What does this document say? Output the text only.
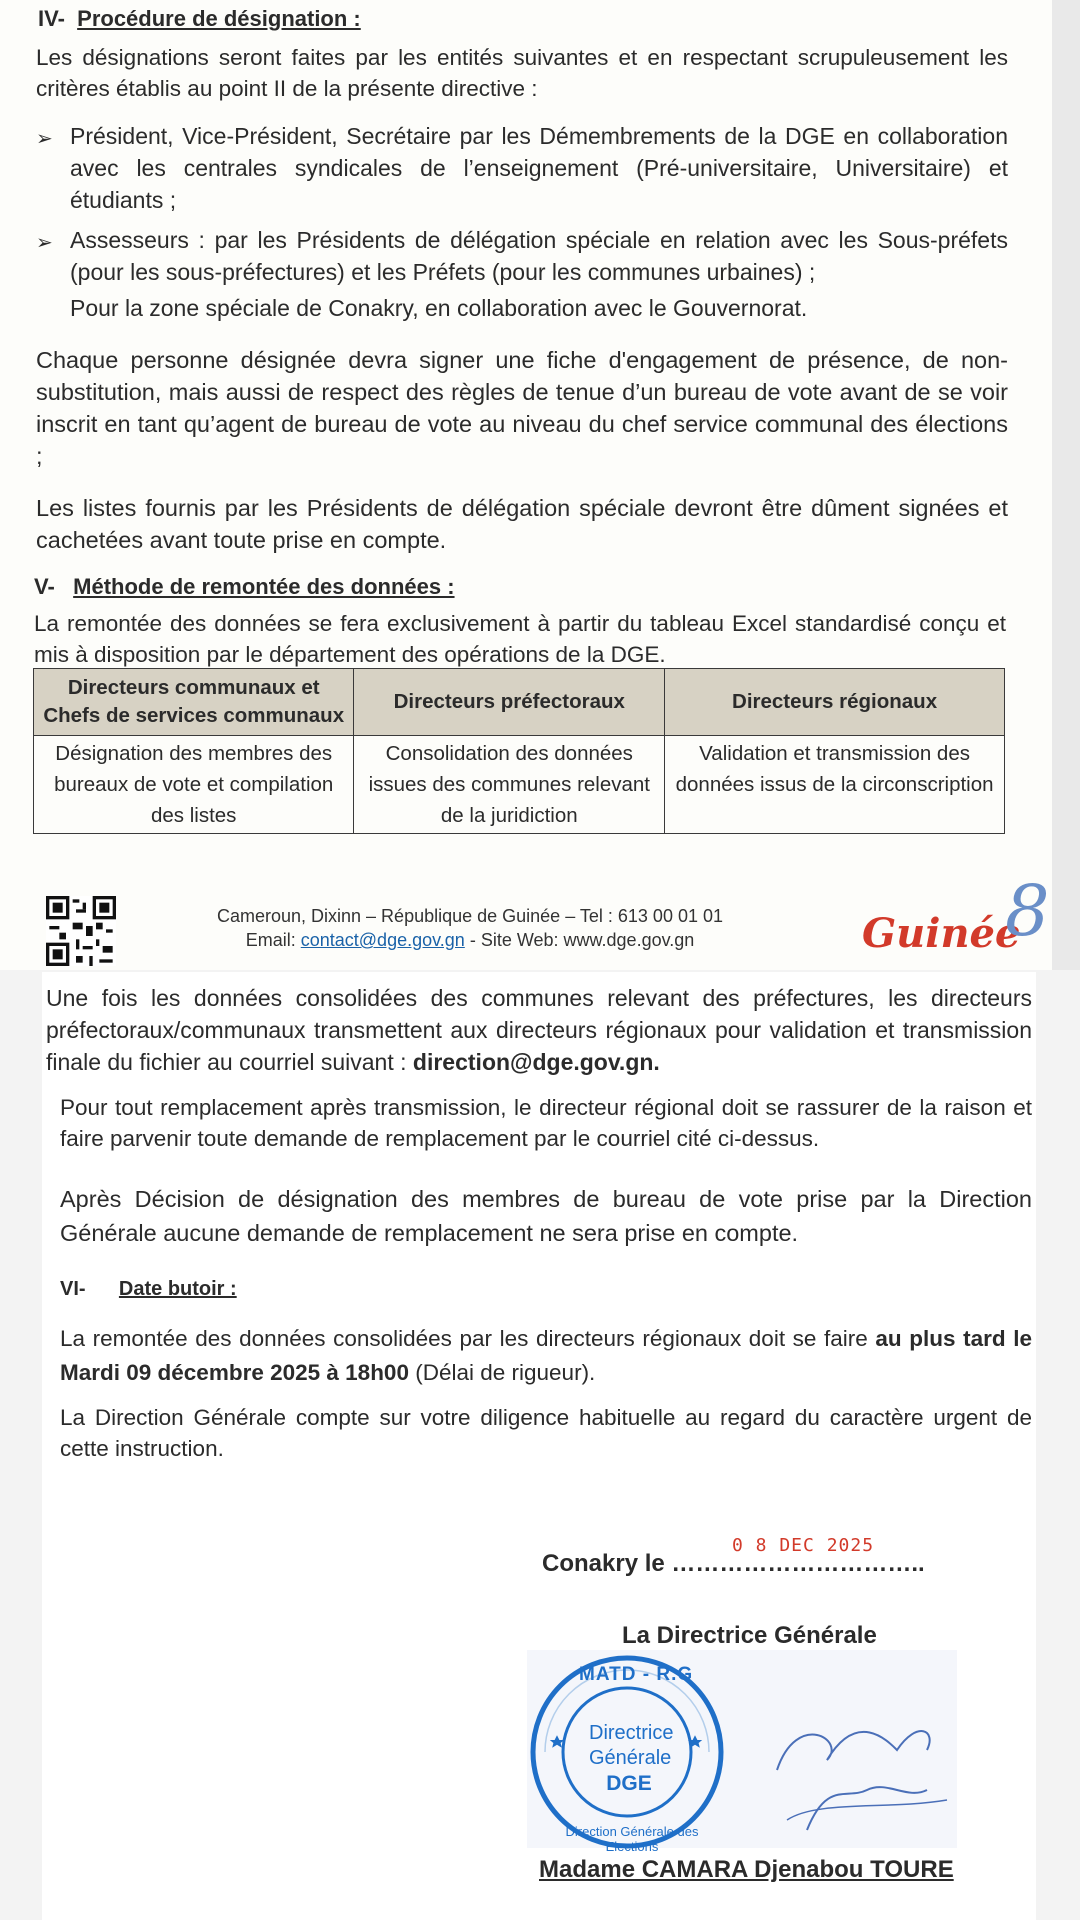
IV- Procédure de désignation :

Les désignations seront faites par les entités suivantes et en respectant scrupuleusement les critères établis au point II de la présente directive :

➢ Président, Vice-Président, Secrétaire par les Démembrements de la DGE en collaboration avec les centrales syndicales de l’enseignement (Pré-universitaire, Universitaire) et étudiants ;

➢ Assesseurs : par les Présidents de délégation spéciale en relation avec les Sous-préfets (pour les sous-préfectures) et les Préfets (pour les communes urbaines) ;

Pour la zone spéciale de Conakry, en collaboration avec le Gouvernorat.

Chaque personne désignée devra signer une fiche d'engagement de présence, de non-substitution, mais aussi de respect des règles de tenue d’un bureau de vote avant de se voir inscrit en tant qu’agent de bureau de vote au niveau du chef service communal des élections ;

Les listes fournis par les Présidents de délégation spéciale devront être dûment signées et cachetées avant toute prise en compte.

V- Méthode de remontée des données :

La remontée des données se fera exclusivement à partir du tableau Excel standardisé conçu et mis à disposition par le département des opérations de la DGE.

Directeurs communaux et Chefs de services communaux	Directeurs préfectoraux	Directeurs régionaux
Désignation des membres des bureaux de vote et compilation des listes	Consolidation des données issues des communes relevant de la juridiction	Validation et transmission des données issus de la circonscription

Cameroun, Dixinn – République de Guinée – Tel : 613 00 01 01

Email: contact@dge.gov.gn - Site Web: www.dge.gov.gn	Guinée
8

Une fois les données consolidées des communes relevant des préfectures, les directeurs préfectoraux/communaux transmettent aux directeurs régionaux pour validation et transmission finale du fichier au courriel suivant : direction@dge.gov.gn.

Pour tout remplacement après transmission, le directeur régional doit se rassurer de la raison et faire parvenir toute demande de remplacement par le courriel cité ci-dessus.

Après Décision de désignation des membres de bureau de vote prise par la Direction Générale aucune demande de remplacement ne sera prise en compte.

VI- Date butoir :

La remontée des données consolidées par les directeurs régionaux doit se faire au plus tard le Mardi 09 décembre 2025 à 18h00 (Délai de rigueur).

La Direction Générale compte sur votre diligence habituelle au regard du caractère urgent de cette instruction.

0 8 DEC 2025

Conakry le …………………………..

La Directrice Générale

MATD - R.G
Directrice
Générale
DGE
Direction Générale des Elections

Madame CAMARA Djenabou TOURE
